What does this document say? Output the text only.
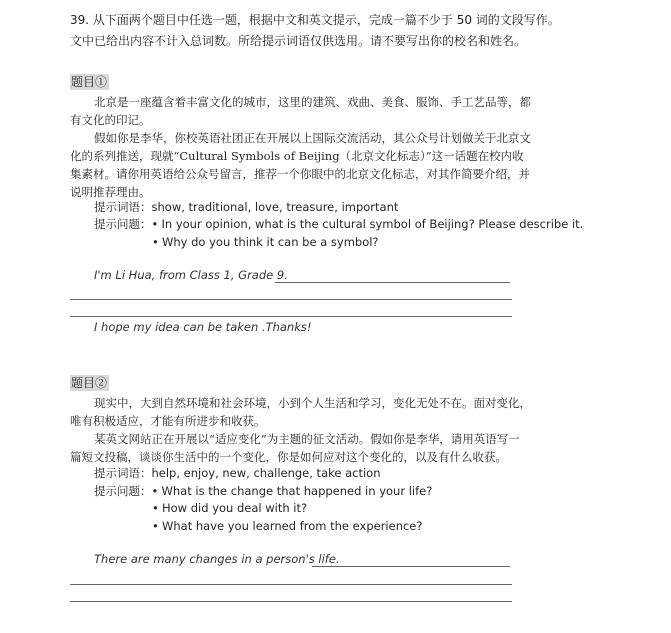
39. 从下面两个题目中任选一题，根据中文和英文提示，完成一篇不少于 50 词的文段写作。
文中已给出内容不计入总词数。所给提示词语仅供选用。请不要写出你的校名和姓名。
题目①
北京是一座蕴含着丰富文化的城市，这里的建筑、戏曲、美食、服饰、手工艺品等，都
有文化的印记。
假如你是李华，你校英语社团正在开展以上国际交流活动，其公众号计划做关于北京文
化的系列推送，现就“Cultural Symbols of Beijing（北京文化标志）”这一话题在校内收
集素材。请你用英语给公众号留言，推荐一个你眼中的北京文化标志，对其作简要介绍，并
说明推荐理由。
提示词语：show, traditional, love, treasure, important
提示问题：• In your opinion, what is the cultural symbol of Beijing? Please describe it.
• Why do you think it can be a symbol?
I'm Li Hua, from Class 1, Grade 9.
I hope my idea can be taken .Thanks!
题目②
现实中，大到自然环境和社会环境，小到个人生活和学习，变化无处不在。面对变化，
唯有积极适应，才能有所进步和收获。
某英文网站正在开展以“适应变化”为主题的征文活动。假如你是李华，请用英语写一
篇短文投稿，谈谈你生活中的一个变化，你是如何应对这个变化的，以及有什么收获。
提示词语：help, enjoy, new, challenge, take action
提示问题：• What is the change that happened in your life?
• How did you deal with it?
• What have you learned from the experience?
There are many changes in a person's life.
